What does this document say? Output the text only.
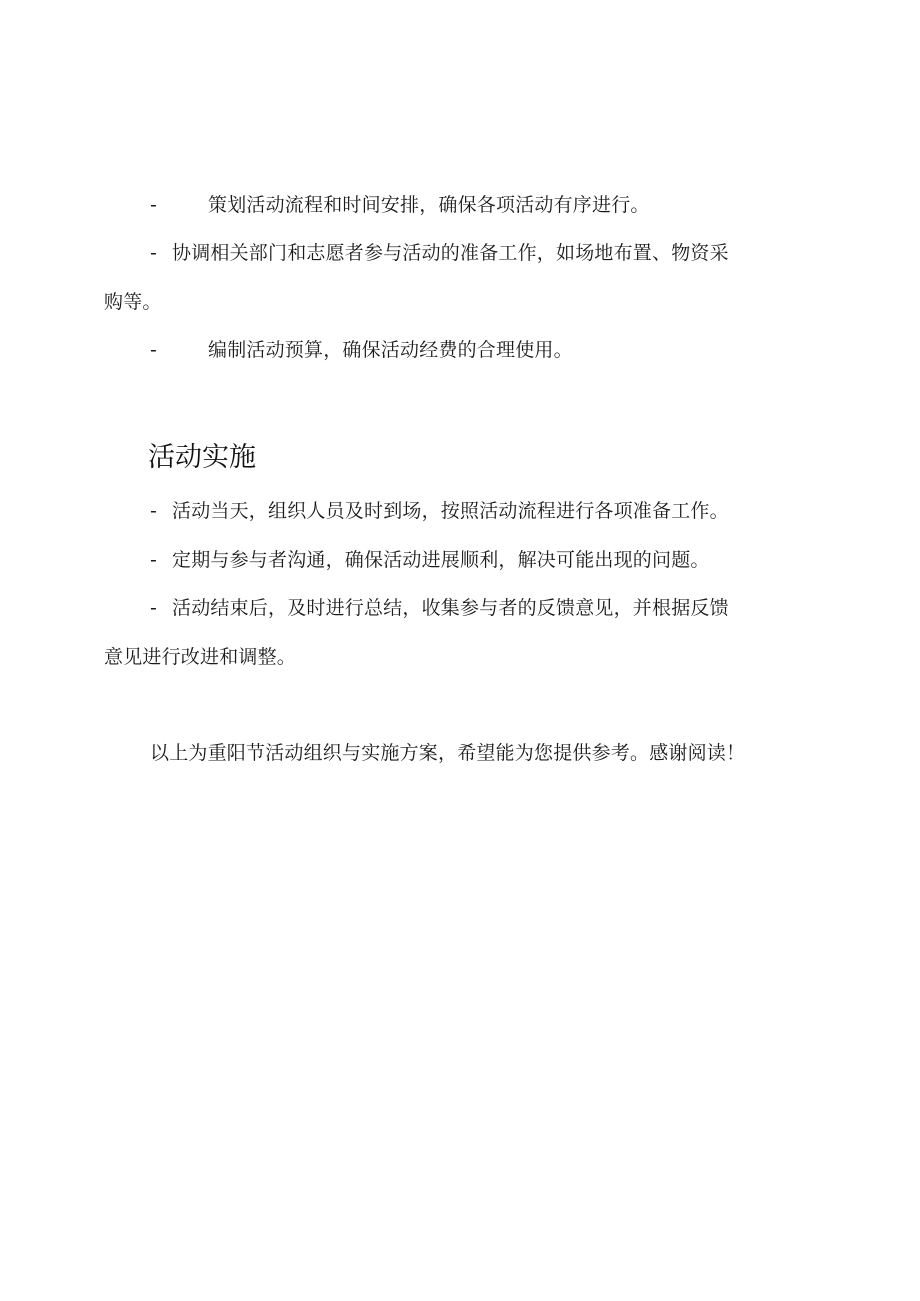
-	策划活动流程和时间安排，确保各项活动有序进行。
- 协调相关部门和志愿者参与活动的准备工作，如场地布置、物资采
购等。
-	编制活动预算，确保活动经费的合理使用。
活动实施
- 活动当天，组织人员及时到场，按照活动流程进行各项准备工作。
- 定期与参与者沟通，确保活动进展顺利，解决可能出现的问题。
- 活动结束后，及时进行总结，收集参与者的反馈意见，并根据反馈
意见进行改进和调整。
以上为重阳节活动组织与实施方案，希望能为您提供参考。感谢阅读！
